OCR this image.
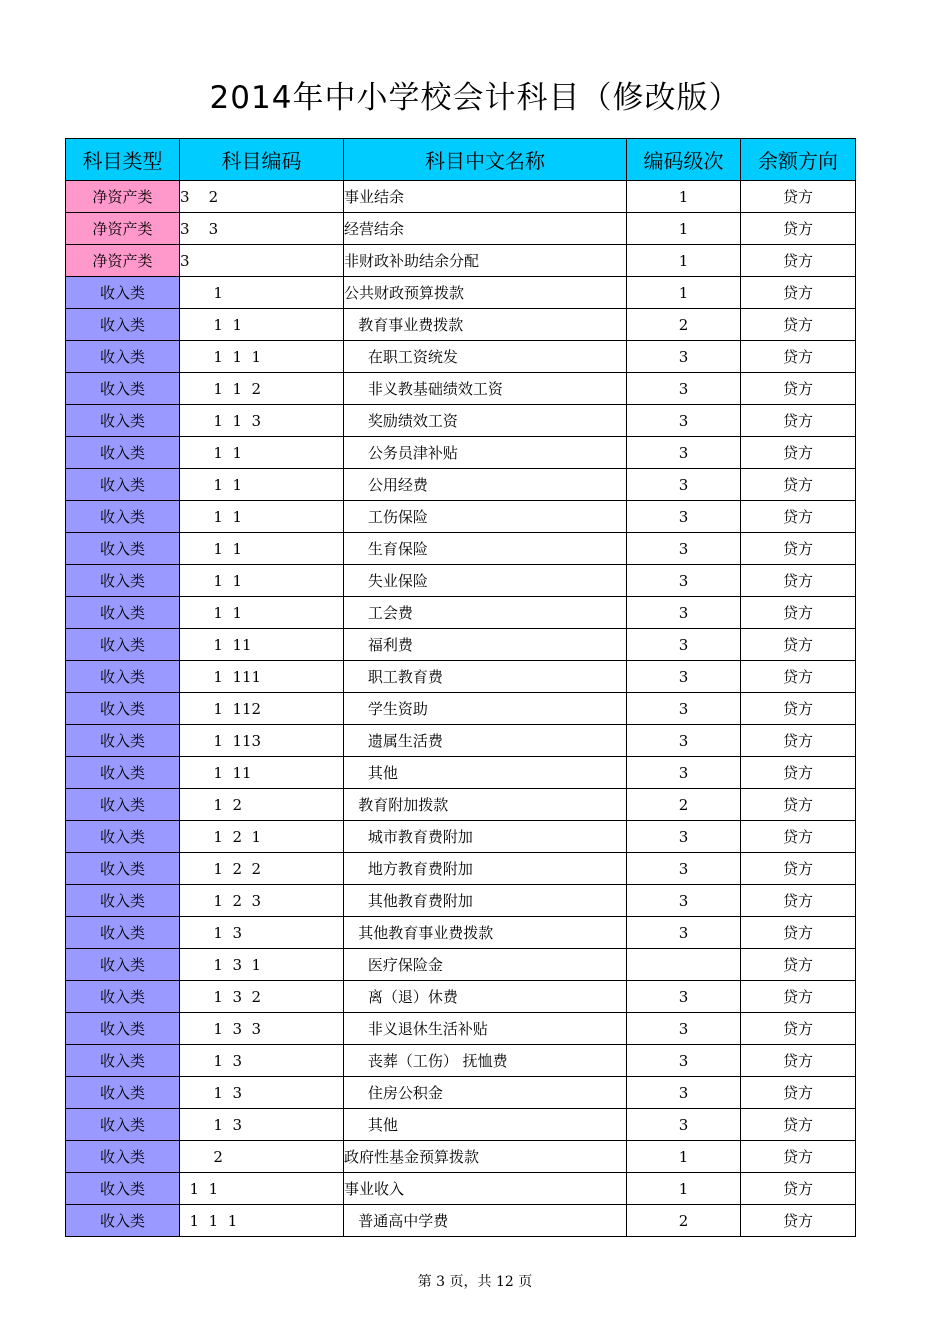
2014年中小学校会计科目（修改版）
科目类型	科目编码	科目中文名称	编码级次	余额方向
净资产类	3    2	事业结余	1	贷方
净资产类	3    3	经营结余	1	贷方
净资产类	3	非财政补助结余分配	1	贷方
收入类	1	公共财政预算拨款	1	贷方
收入类	1  1	教育事业费拨款	2	贷方
收入类	1  1  1	在职工资统发	3	贷方
收入类	1  1  2	非义教基础绩效工资	3	贷方
收入类	1  1  3	奖励绩效工资	3	贷方
收入类	1  1	公务员津补贴	3	贷方
收入类	1  1	公用经费	3	贷方
收入类	1  1	工伤保险	3	贷方
收入类	1  1	生育保险	3	贷方
收入类	1  1	失业保险	3	贷方
收入类	1  1	工会费	3	贷方
收入类	1  11	福利费	3	贷方
收入类	1  111	职工教育费	3	贷方
收入类	1  112	学生资助	3	贷方
收入类	1  113	遗属生活费	3	贷方
收入类	1  11	其他	3	贷方
收入类	1  2	教育附加拨款	2	贷方
收入类	1  2  1	城市教育费附加	3	贷方
收入类	1  2  2	地方教育费附加	3	贷方
收入类	1  2  3	其他教育费附加	3	贷方
收入类	1  3	其他教育事业费拨款	3	贷方
收入类	1  3  1	医疗保险金		贷方
收入类	1  3  2	离（退）休费	3	贷方
收入类	1  3  3	非义退休生活补贴	3	贷方
收入类	1  3	丧葬（工伤） 抚恤费	3	贷方
收入类	1  3	住房公积金	3	贷方
收入类	1  3	其他	3	贷方
收入类	2	政府性基金预算拨款	1	贷方
收入类	1  1	事业收入	1	贷方
收入类	1  1  1	普通高中学费	2	贷方
第 3 页，共 12 页
